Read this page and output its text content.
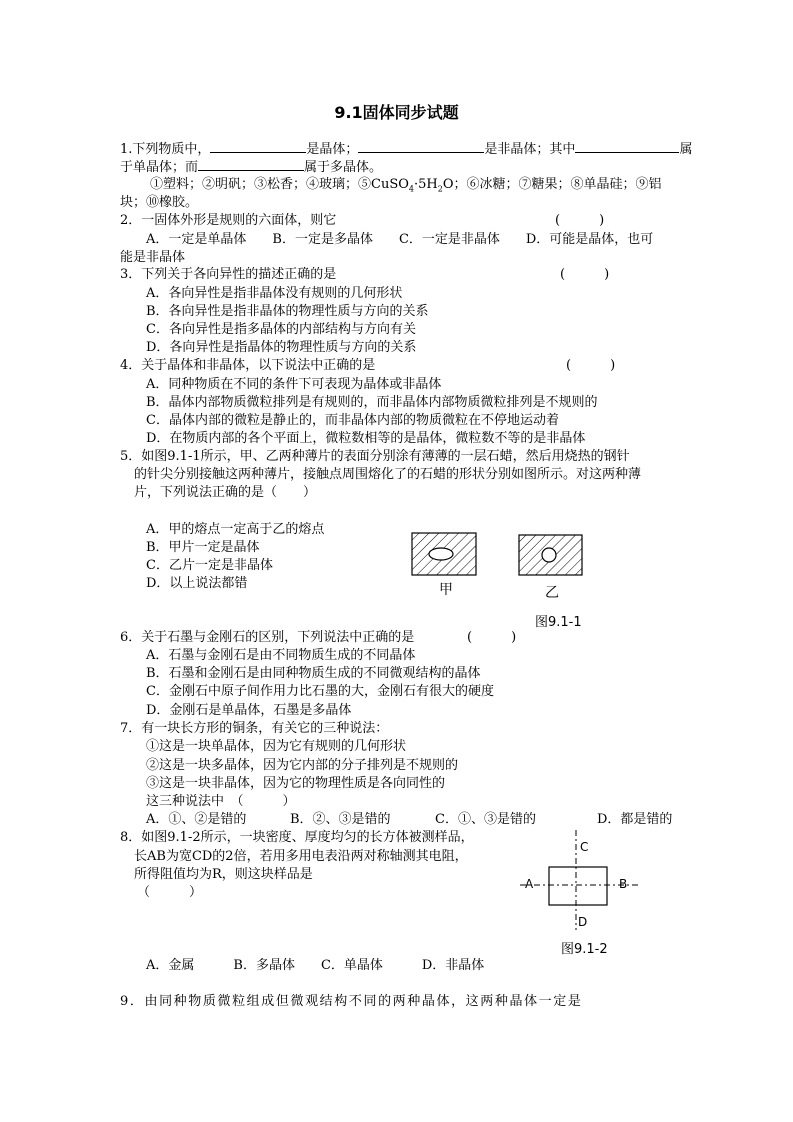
9.1固体同步试题
1.下列物质中，	是晶体；	是非晶体；其中	属
于单晶体；而	属于多晶体。
①塑料；②明矾；③松香；④玻璃；$⑤CuSO_4\cdot 5H_2O$；⑥冰糖；⑦糖果；⑧单晶硅；⑨铝
块；⑩橡胶。
2．一固体外形是规则的六面体，则它	(　　　)
A．一定是单晶体　　B．一定是多晶体　　C．一定是非晶体　　D．可能是晶体，也可
能是非晶体
3．下列关于各向异性的描述正确的是	(　　　)
A．各向异性是指非晶体没有规则的几何形状
B．各向异性是指非晶体的物理性质与方向的关系
C．各向异性是指多晶体的内部结构与方向有关
D．各向异性是指晶体的物理性质与方向的关系
4．关于晶体和非晶体，以下说法中正确的是	(　　　)
A．同种物质在不同的条件下可表现为晶体或非晶体
B．晶体内部物质微粒排列是有规则的，而非晶体内部物质微粒排列是不规则的
C．晶体内部的微粒是静止的，而非晶体内部的物质微粒在不停地运动着
D．在物质内部的各个平面上，微粒数相等的是晶体，微粒数不等的是非晶体
5．如图9.1-1所示，甲、乙两种薄片的表面分别涂有薄薄的一层石蜡，然后用烧热的钢针
的针尖分别接触这两种薄片，接触点周围熔化了的石蜡的形状分别如图所示。对这两种薄
片，下列说法正确的是（　　）
A．甲的熔点一定高于乙的熔点
B．甲片一定是晶体
C．乙片一定是非晶体
D．以上说法都错	甲	乙
图9.1-1
6．关于石墨与金刚石的区别，下列说法中正确的是	(　　　)
A．石墨与金刚石是由不同物质生成的不同晶体
B．石墨和金刚石是由同种物质生成的不同微观结构的晶体
C．金刚石中原子间作用力比石墨的大，金刚石有很大的硬度
D．金刚石是单晶体，石墨是多晶体
7．有一块长方形的铜条，有关它的三种说法：
①这是一块单晶体，因为它有规则的几何形状
②这是一块多晶体，因为它内部的分子排列是不规则的
③这是一块非晶体，因为它的物理性质是各向同性的
这三种说法中　（　　　）
A．①、②是错的	B．②、③是错的	C．①、③是错的	D．都是错的
8．如图9.1-2所示，一块密度、厚度均匀的长方体被测样品，
长AB为宽CD的2倍，若用多用电表沿两对称轴测其电阻，
所得阻值均为R，则这块样品是
（　　　）
A	B
C
D
图9.1-2
A．金属　　　B．多晶体　　C．单晶体　　　D．非晶体
9．由同种物质微粒组成但微观结构不同的两种晶体，这两种晶体一定是
